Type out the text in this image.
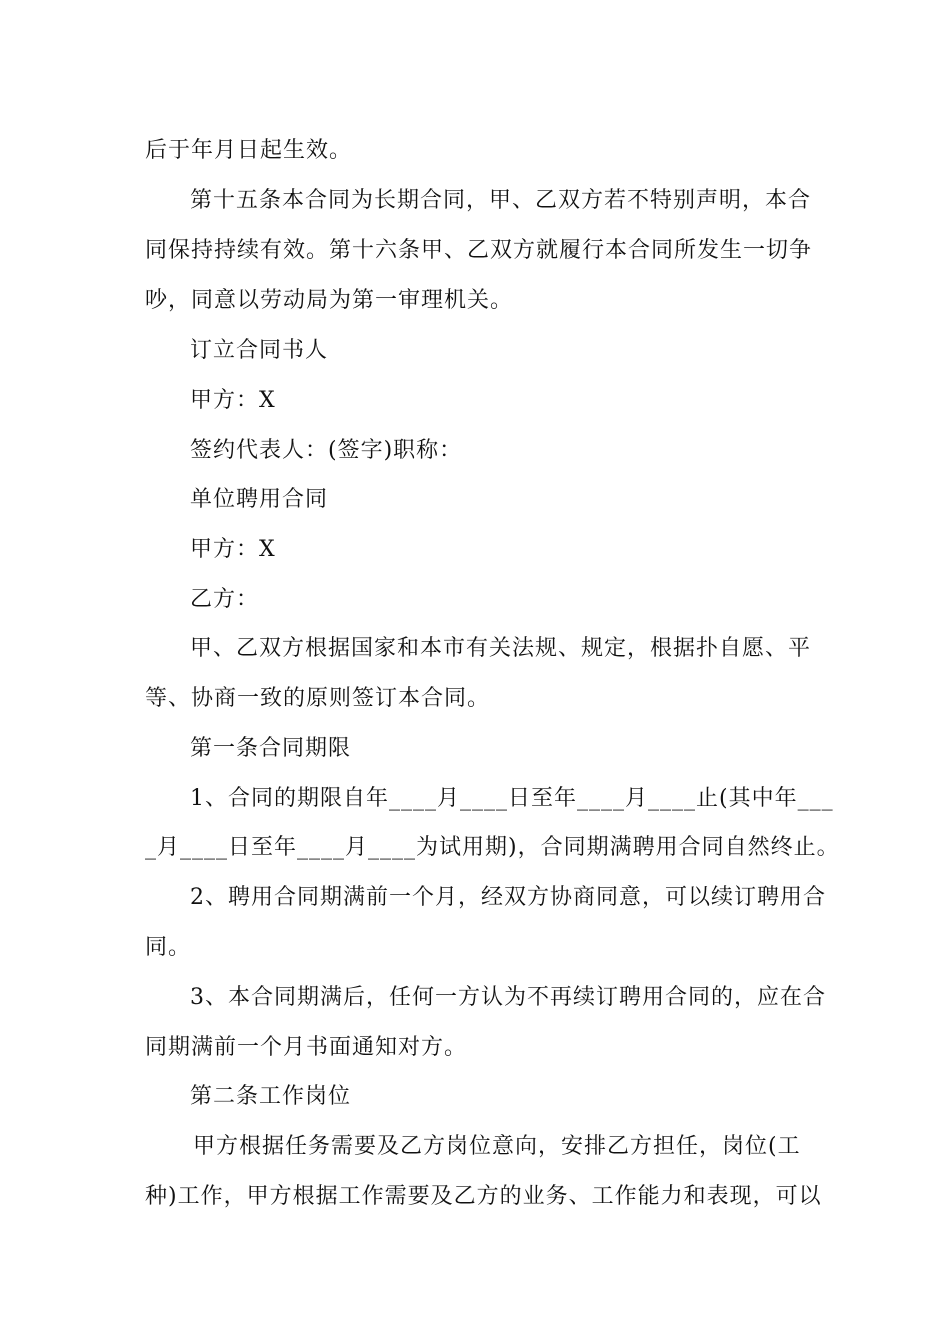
后于年月日起生效。
第十五条本合同为长期合同，甲、乙双方若不特别声明，本合
同保持持续有效。第十六条甲、乙双方就履行本合同所发生一切争
吵，同意以劳动局为第一审理机关。
订立合同书人
甲方：X
签约代表人：(签字)职称：
单位聘用合同
甲方：X
乙方：
甲、乙双方根据国家和本市有关法规、规定，根据扑自愿、平
等、协商一致的原则签订本合同。
第一条合同期限
1、合同的期限自年____月____日至年____月____止(其中年___
_月____日至年____月____为试用期)，合同期满聘用合同自然终止。
2、聘用合同期满前一个月，经双方协商同意，可以续订聘用合
同。
3、本合同期满后，任何一方认为不再续订聘用合同的，应在合
同期满前一个月书面通知对方。
第二条工作岗位
甲方根据任务需要及乙方岗位意向，安排乙方担任，岗位(工
种)工作，甲方根据工作需要及乙方的业务、工作能力和表现，可以
